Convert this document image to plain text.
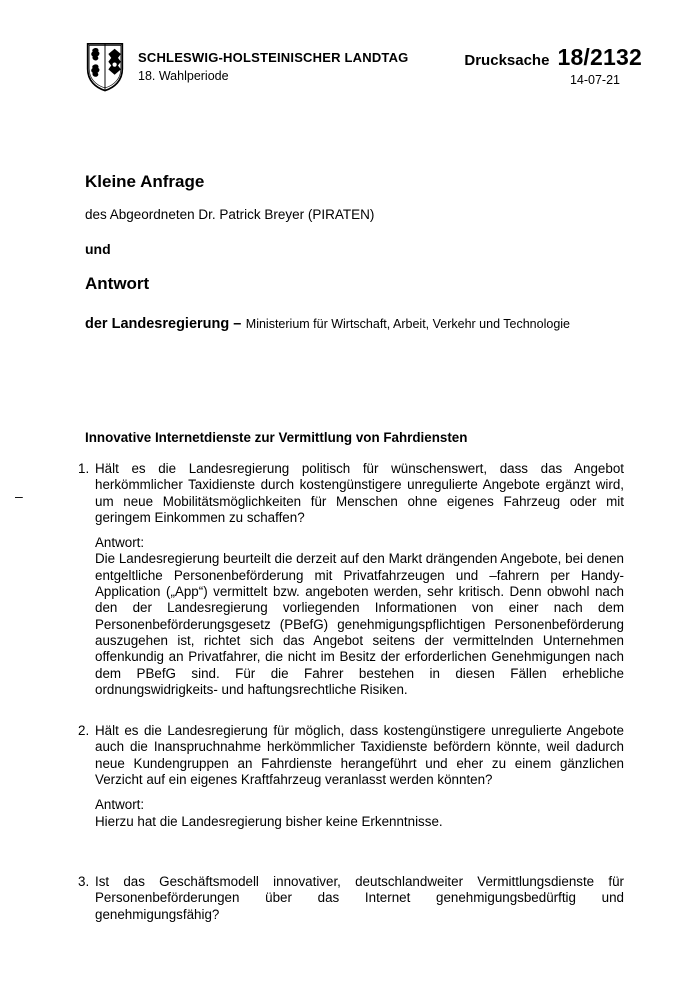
SCHLESWIG-HOLSTEINISCHER LANDTAG
18. Wahlperiode
Drucksache 18/2132
14-07-21
Kleine Anfrage
des Abgeordneten Dr. Patrick Breyer (PIRATEN)
und
Antwort
der Landesregierung – Ministerium für Wirtschaft, Arbeit, Verkehr und Technologie
Innovative Internetdienste zur Vermittlung von Fahrdiensten
1. Hält es die Landesregierung politisch für wünschenswert, dass das Angebot herkömmlicher Taxidienste durch kostengünstigere unregulierte Angebote ergänzt wird, um neue Mobilitätsmöglichkeiten für Menschen ohne eigenes Fahrzeug oder mit geringem Einkommen zu schaffen?
Antwort:
Die Landesregierung beurteilt die derzeit auf den Markt drängenden Angebote, bei denen entgeltliche Personenbeförderung mit Privatfahrzeugen und –fahrern per Handy-Application („App“) vermittelt bzw. angeboten werden, sehr kritisch. Denn obwohl nach den der Landesregierung vorliegenden Informationen von einer nach dem Personenbeförderungsgesetz (PBefG) genehmigungspflichtigen Personenbeförderung auszugehen ist, richtet sich das Angebot seitens der vermittelnden Unternehmen offenkundig an Privatfahrer, die nicht im Besitz der erforderlichen Genehmigungen nach dem PBefG sind. Für die Fahrer bestehen in diesen Fällen erhebliche ordnungswidrigkeits- und haftungsrechtliche Risiken.
2. Hält es die Landesregierung für möglich, dass kostengünstigere unregulierte Angebote auch die Inanspruchnahme herkömmlicher Taxidienste befördern könnte, weil dadurch neue Kundengruppen an Fahrdienste herangeführt und eher zu einem gänzlichen Verzicht auf ein eigenes Kraftfahrzeug veranlasst werden könnten?
Antwort:
Hierzu hat die Landesregierung bisher keine Erkenntnisse.
3. Ist das Geschäftsmodell innovativer, deutschlandweiter Vermittlungsdienste für Personenbeförderungen über das Internet genehmigungsbedürftig und genehmigungsfähig?
–
